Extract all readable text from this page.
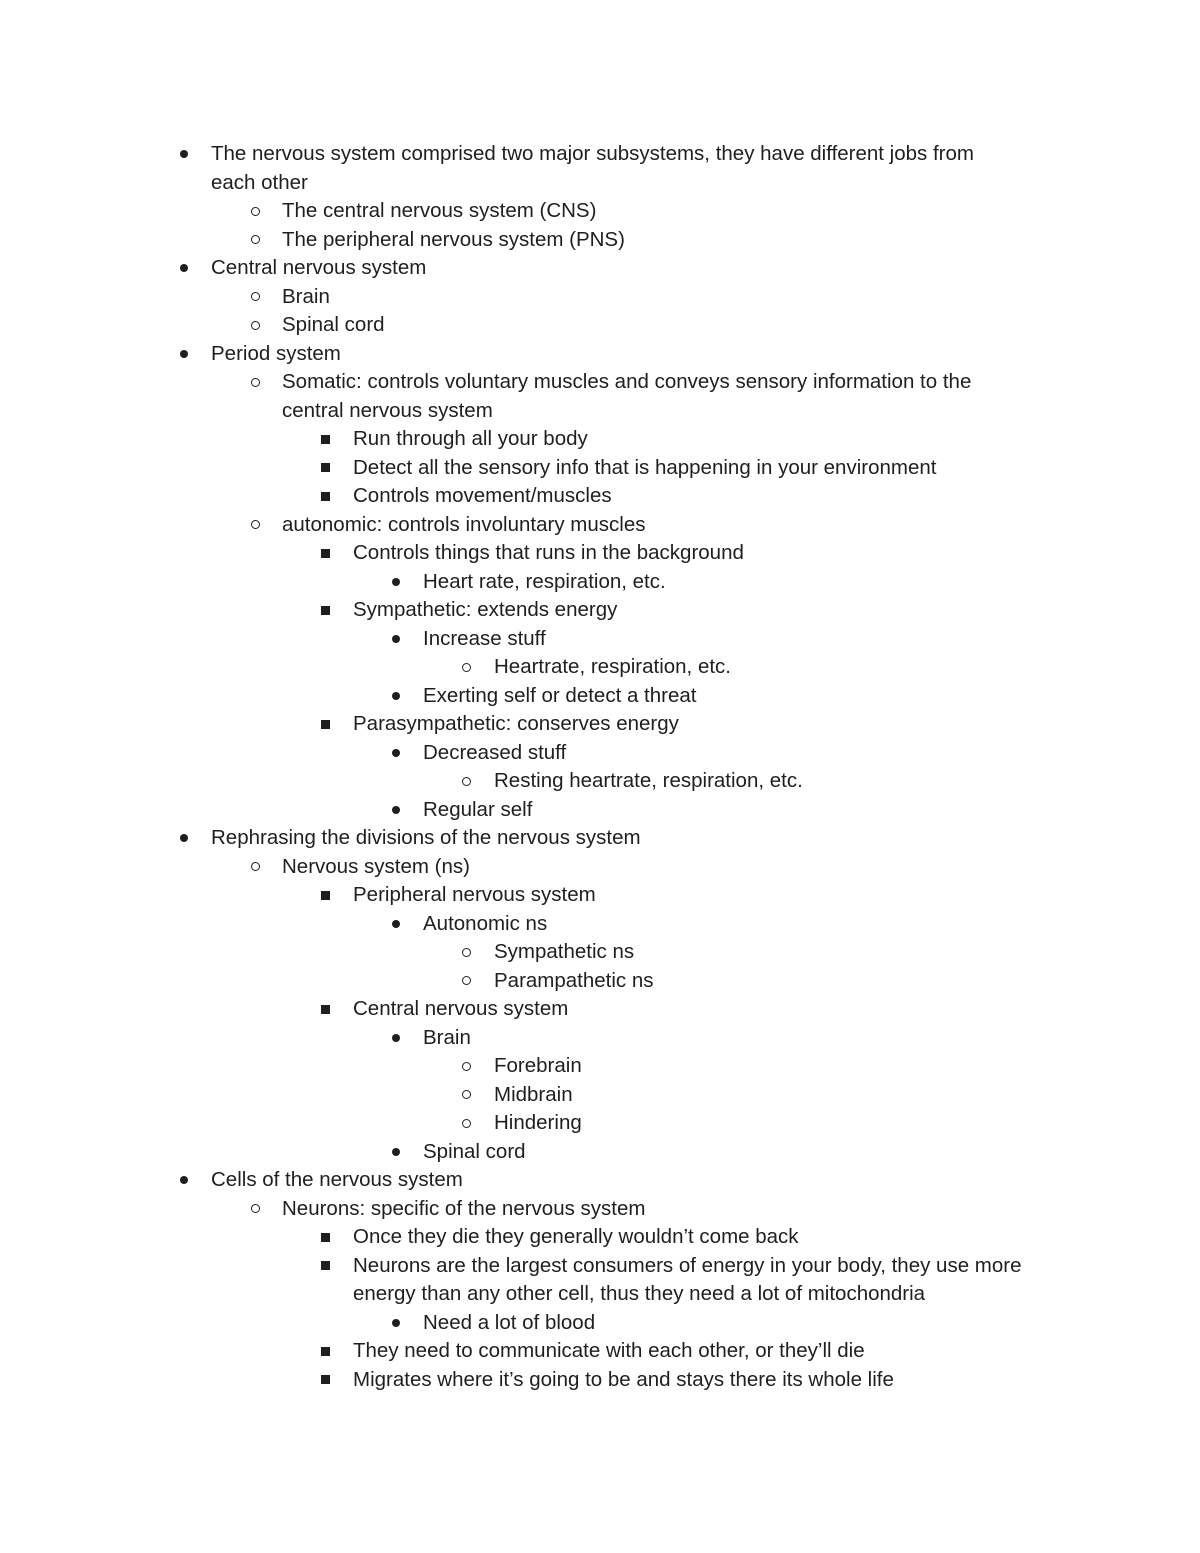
The nervous system comprised two major subsystems, they have different jobs from
each other
The central nervous system (CNS)
The peripheral nervous system (PNS)
Central nervous system
Brain
Spinal cord
Period system
Somatic: controls voluntary muscles and conveys sensory information to the
central nervous system
Run through all your body
Detect all the sensory info that is happening in your environment
Controls movement/muscles
autonomic: controls involuntary muscles
Controls things that runs in the background
Heart rate, respiration, etc.
Sympathetic: extends energy
Increase stuff
Heartrate, respiration, etc.
Exerting self or detect a threat
Parasympathetic: conserves energy
Decreased stuff
Resting heartrate, respiration, etc.
Regular self
Rephrasing the divisions of the nervous system
Nervous system (ns)
Peripheral nervous system
Autonomic ns
Sympathetic ns
Parampathetic ns
Central nervous system
Brain
Forebrain
Midbrain
Hindering
Spinal cord
Cells of the nervous system
Neurons: specific of the nervous system
Once they die they generally wouldn’t come back
Neurons are the largest consumers of energy in your body, they use more
energy than any other cell, thus they need a lot of mitochondria
Need a lot of blood
They need to communicate with each other, or they’ll die
Migrates where it’s going to be and stays there its whole life
